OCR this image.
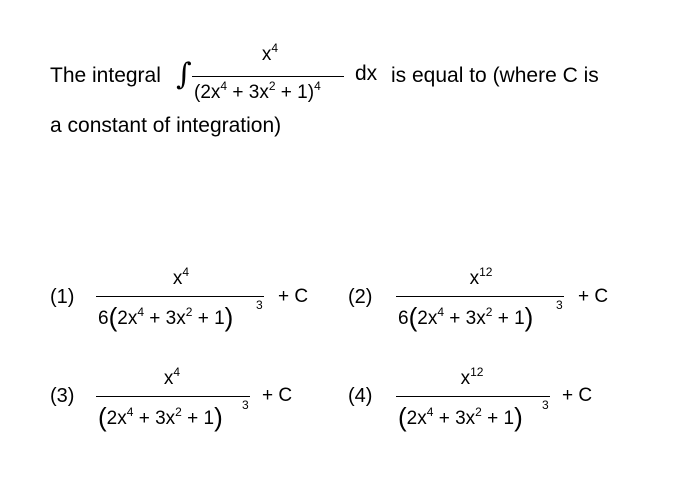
The integral ∫
$x^4$
$(2x^4 + 3x^2 + 1)^4$
dx is equal to (where C is
a constant of integration)
(1)
$x^4$
$6(2x^4 + 3x^2 + 1) 3 + C$ (2)
$x^{12}$
$6(2x^4 + 3x^2 + 1) 3 + C$
(3)
$x^4$
$(2x^4 + 3x^2 + 1) 3 + C$	(4)
$x^{12}$
$(2x^4 + 3x^2 + 1) 3 + C$
